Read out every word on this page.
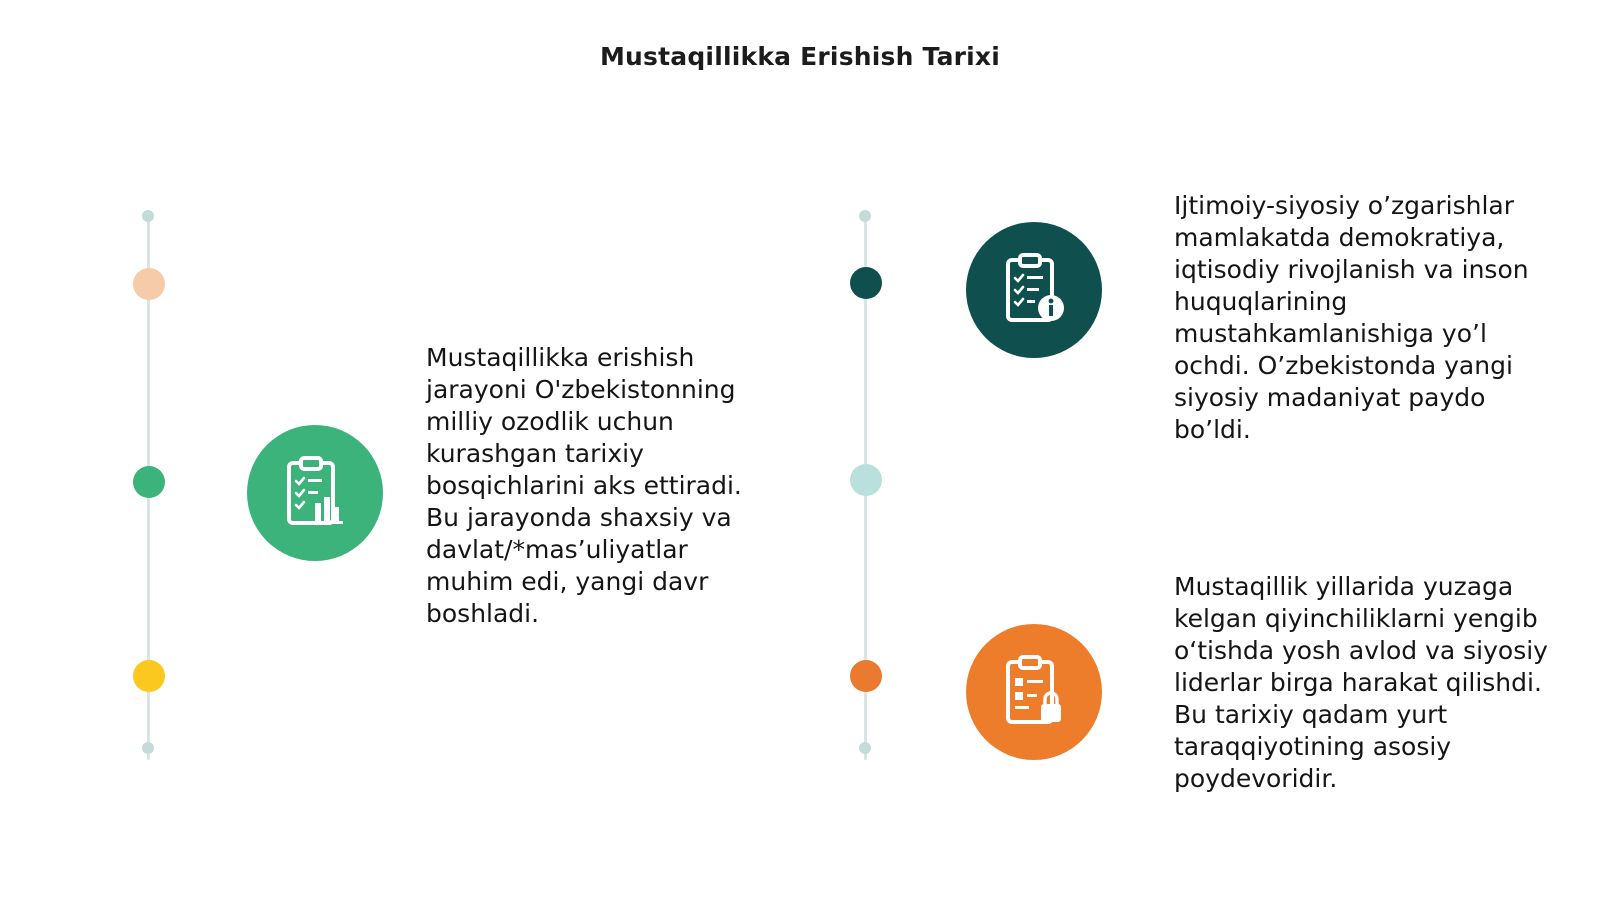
Mustaqillikka Erishish Tarixi
Mustaqillikka erishish jarayoni O'zbekistonning milliy ozodlik uchun kurashgan tarixiy bosqichlarini aks ettiradi. Bu jarayonda shaxsiy va davlat/*mas’uliyatlar muhim edi, yangi davr boshladi.
Ijtimoiy-siyosiy o’zgarishlar mamlakatda demokratiya, iqtisodiy rivojlanish va inson huquqlarining mustahkamlanishiga yo’l ochdi. O’zbekistonda yangi siyosiy madaniyat paydo bo’ldi.
Mustaqillik yillarida yuzaga kelgan qiyinchiliklarni yengib o‘tishda yosh avlod va siyosiy liderlar birga harakat qilishdi. Bu tarixiy qadam yurt taraqqiyotining asosiy poydevoridir.
